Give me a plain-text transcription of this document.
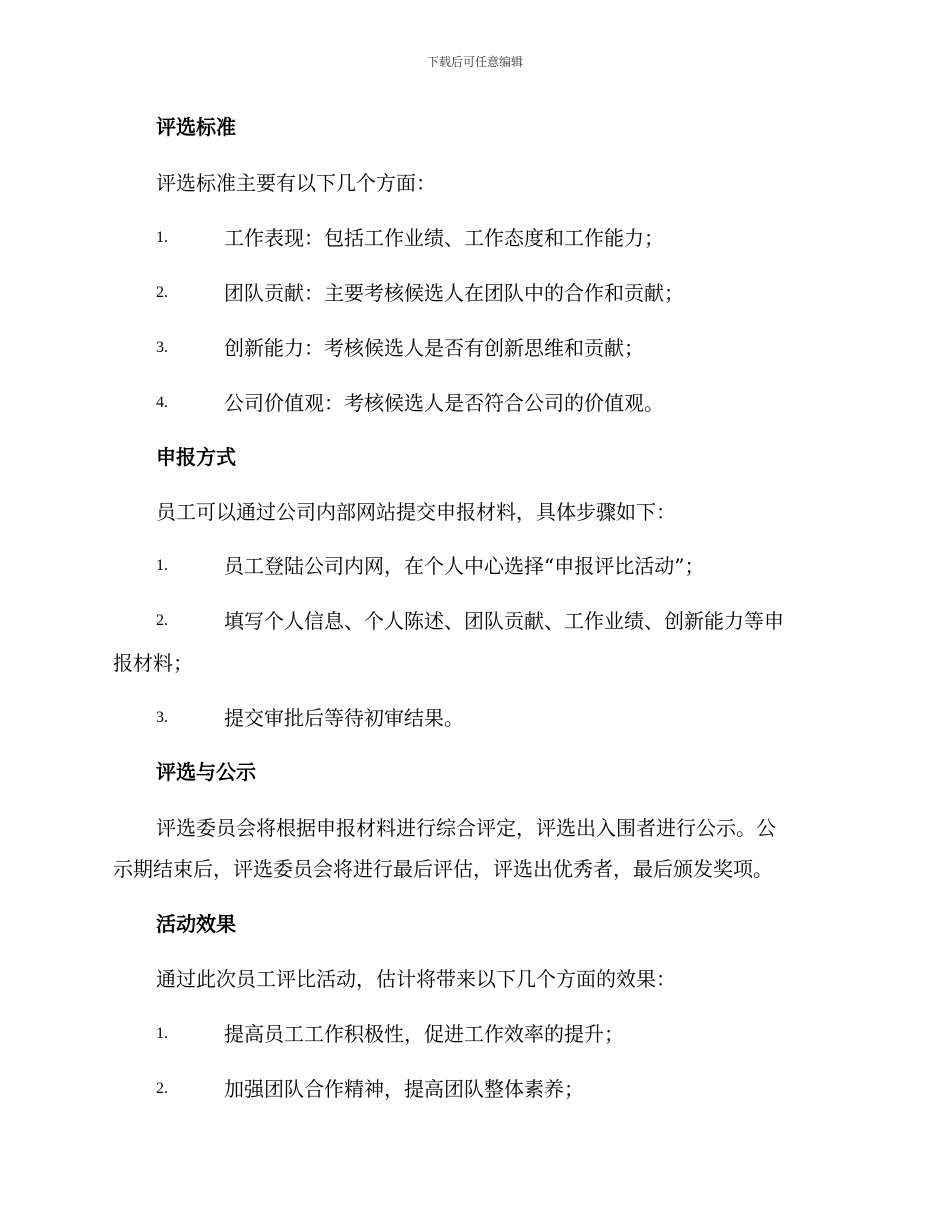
下载后可任意编辑
评选标准
评选标准主要有以下几个方面：
1.	工作表现：包括工作业绩、工作态度和工作能力；
2.	团队贡献：主要考核候选人在团队中的合作和贡献；
3.	创新能力：考核候选人是否有创新思维和贡献；
4.	公司价值观：考核候选人是否符合公司的价值观。
申报方式
员工可以通过公司内部网站提交申报材料，具体步骤如下：
1.	员工登陆公司内网，在个人中心选择“申报评比活动”；
2.	填写个人信息、个人陈述、团队贡献、工作业绩、创新能力等申
报材料；
3.	提交审批后等待初审结果。
评选与公示
评选委员会将根据申报材料进行综合评定，评选出入围者进行公示。公
示期结束后，评选委员会将进行最后评估，评选出优秀者，最后颁发奖项。
活动效果
通过此次员工评比活动，估计将带来以下几个方面的效果：
1.	提高员工工作积极性，促进工作效率的提升；
2.	加强团队合作精神，提高团队整体素养；
